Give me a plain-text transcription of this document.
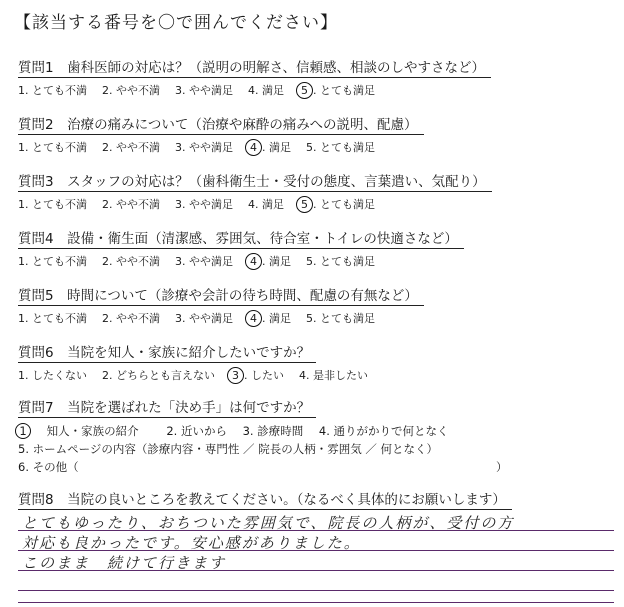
【該当する番号を〇で囲んでください】
質問1　歯科医師の対応は？（説明の明解さ、信頼感、相談のしやすさなど）
1. とても不満 2. やや不満 3. やや満足 4. 満足 5 . とても満足
質問2　治療の痛みについて（治療や麻酔の痛みへの説明、配慮）
1. とても不満 2. やや不満 3. やや満足 4 . 満足 5. とても満足
質問3　スタッフの対応は？（歯科衛生士・受付の態度、言葉遣い、気配り）
1. とても不満 2. やや不満 3. やや満足 4. 満足 5 . とても満足
質問4　設備・衛生面（清潔感、雰囲気、待合室・トイレの快適さなど）
1. とても不満 2. やや不満 3. やや満足 4 . 満足 5. とても満足
質問5　時間について（診療や会計の待ち時間、配慮の有無など）
1. とても不満 2. やや不満 3. やや満足 4 . 満足 5. とても満足
質問6　当院を知人・家族に紹介したいですか？
1. したくない 2. どちらとも言えない 3 . したい 4. 是非したい
質問7　当院を選ばれた「決め手」は何ですか？
1 知人・家族の紹介 2. 近いから 3. 診療時間 4. 通りがかりで何となく
5. ホームページの内容（診療内容・専門性 ／ 院長の人柄・雰囲気 ／ 何となく）
6. その他（	）
質問8　当院の良いところを教えてください。（なるべく具体的にお願いします）
とてもゆったり、おちついた雰囲気で、院長の人柄が、受付の方
対応も良かったです。安心感がありました。
このまま　続けて行きます
